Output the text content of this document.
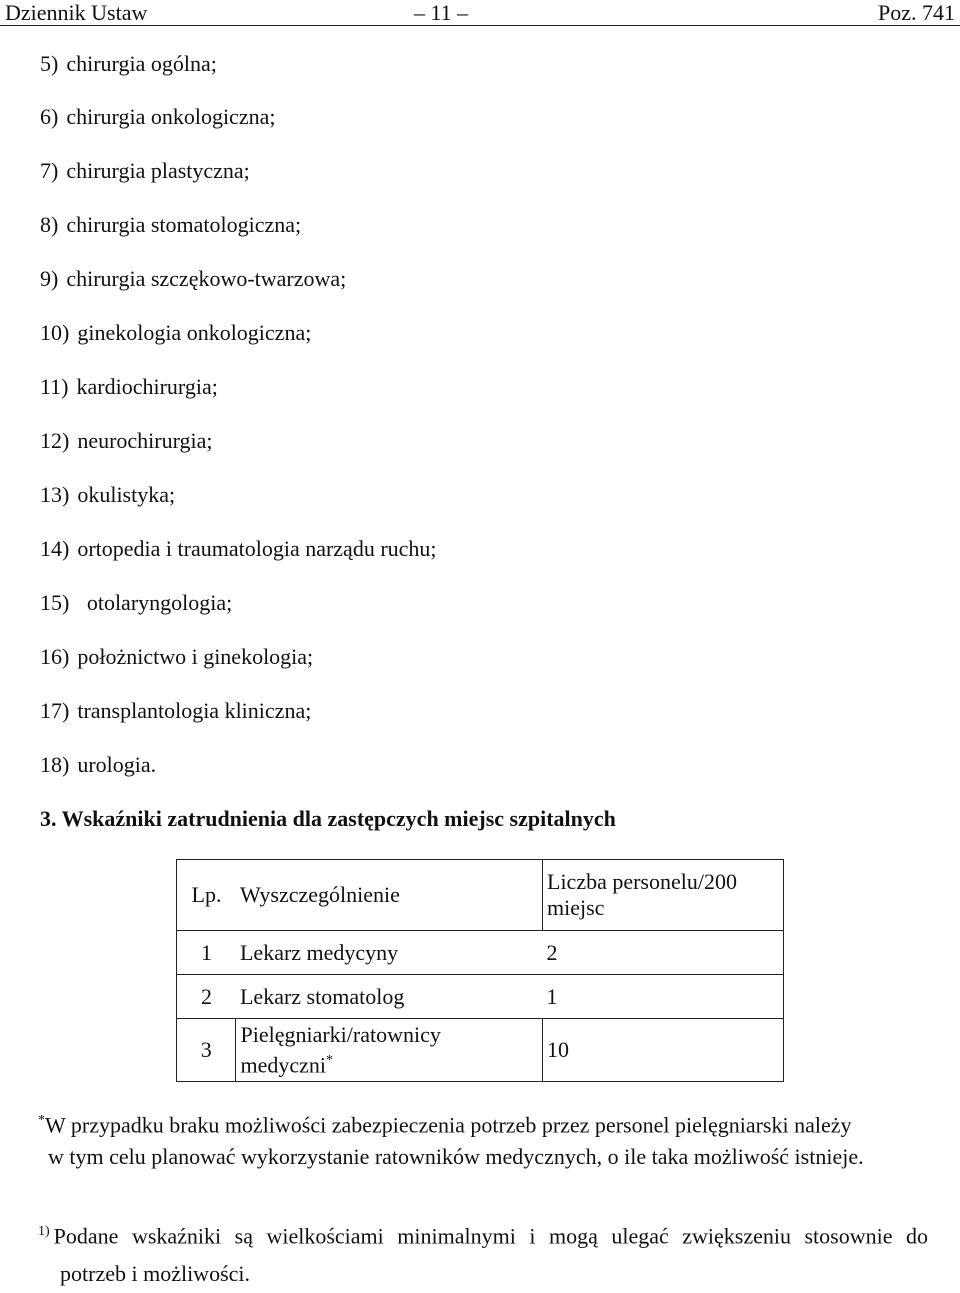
Dziennik Ustaw	– 11 –	Poz. 741
5) chirurgia ogólna;
6) chirurgia onkologiczna;
7) chirurgia plastyczna;
8) chirurgia stomatologiczna;
9) chirurgia szczękowo-twarzowa;
10) ginekologia onkologiczna;
11) kardiochirurgia;
12) neurochirurgia;
13) okulistyka;
14) ortopedia i traumatologia narządu ruchu;
15) otolaryngologia;
16) położnictwo i ginekologia;
17) transplantologia kliniczna;
18) urologia.
3. Wskaźniki zatrudnienia dla zastępczych miejsc szpitalnych
Lp.	Wyszczególnienie	Liczba personelu/200 miejsc
1	Lekarz medycyny	2
2	Lekarz stomatolog	1
3	Pielęgniarki/ratownicy medyczni*	10
*W przypadku braku możliwości zabezpieczenia potrzeb przez personel pielęgniarski należy
w tym celu planować wykorzystanie ratowników medycznych, o ile taka możliwość istnieje.
$^{1)}$ Podane wskaźniki są wielkościami minimalnymi i mogą ulegać zwiększeniu stosownie do
potrzeb i możliwości.
